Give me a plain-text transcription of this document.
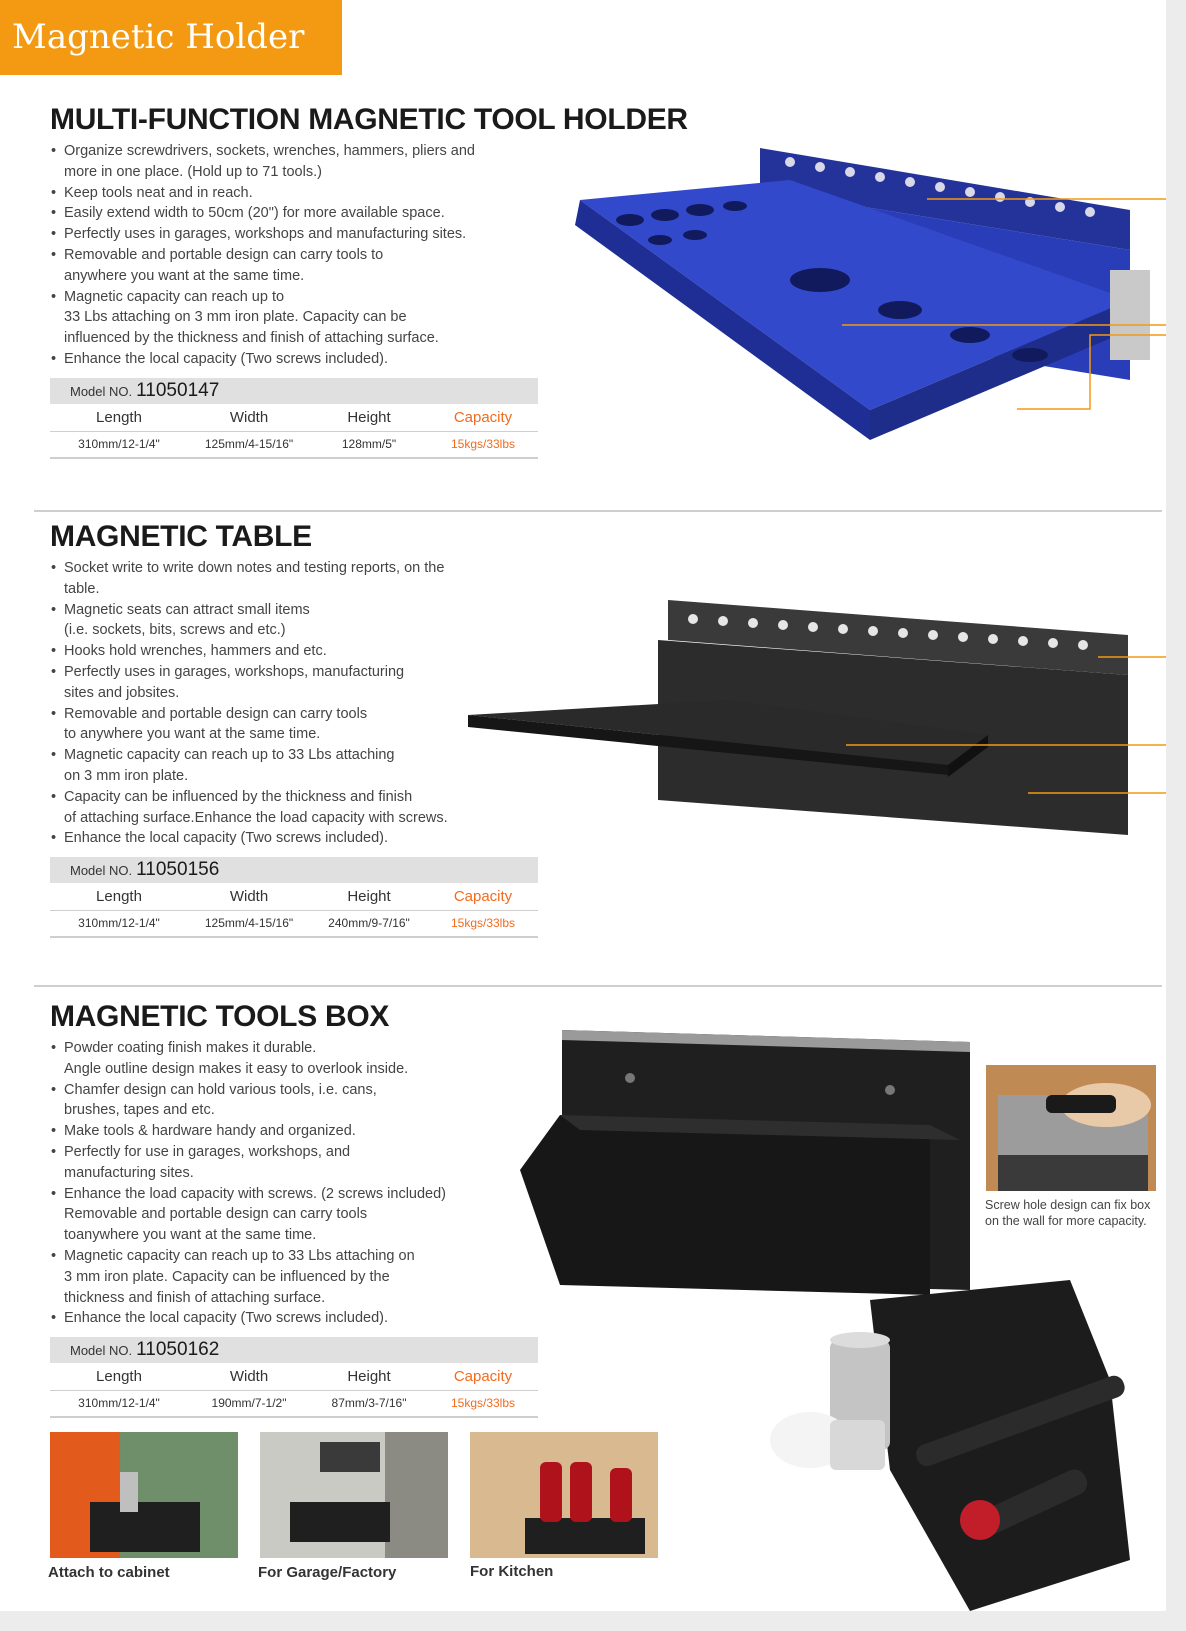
Magnetic Holder
MULTI-FUNCTION MAGNETIC TOOL HOLDER
• Organize screwdrivers, sockets, wrenches, hammers, pliers and
more in one place. (Hold up to 71 tools.)
• Keep tools neat and in reach.
• Easily extend width to 50cm (20") for more available space.
• Perfectly uses in garages, workshops and manufacturing sites.
• Removable and portable design can carry tools to
anywhere you want at the same time.
• Magnetic capacity can reach up to
33 Lbs attaching on 3 mm iron plate. Capacity can be
influenced by the thickness and finish of attaching surface.
• Enhance the local capacity (Two screws included).
Model NO. 11050147
Length	Width	Height	Capacity
310mm/12-1/4"	125mm/4-15/16"	128mm/5"	15kgs/33lbs
MAGNETIC TABLE
• Socket write to write down notes and testing reports, on the
table.
• Magnetic seats can attract small items
(i.e. sockets, bits, screws and etc.)
• Hooks hold wrenches, hammers and etc.
• Perfectly uses in garages, workshops, manufacturing
sites and jobsites.
• Removable and portable design can carry tools
to anywhere you want at the same time.
• Magnetic capacity can reach up to 33 Lbs attaching
on 3 mm iron plate.
• Capacity can be influenced by the thickness and finish
of attaching surface.Enhance the load capacity with screws.
• Enhance the local capacity (Two screws included).
Model NO. 11050156
Length	Width	Height	Capacity
310mm/12-1/4"	125mm/4-15/16"	240mm/9-7/16"	15kgs/33lbs
MAGNETIC TOOLS BOX
• Powder coating finish makes it durable.
Angle outline design makes it easy to overlook inside.
• Chamfer design can hold various tools, i.e. cans,
brushes, tapes and etc.
• Make tools & hardware handy and organized.
• Perfectly for use in garages, workshops, and
manufacturing sites.
• Enhance the load capacity with screws. (2 screws included)
Removable and portable design can carry tools
toanywhere you want at the same time.
• Magnetic capacity can reach up to 33 Lbs attaching on
3 mm iron plate. Capacity can be influenced by the
thickness and finish of attaching surface.
• Enhance the local capacity (Two screws included).
Model NO. 11050162
Length	Width	Height	Capacity
310mm/12-1/4"	190mm/7-1/2"	87mm/3-7/16"	15kgs/33lbs
Screw hole design can fix box on the wall for more capacity.
Attach to cabinet	For Garage/Factory	For Kitchen
